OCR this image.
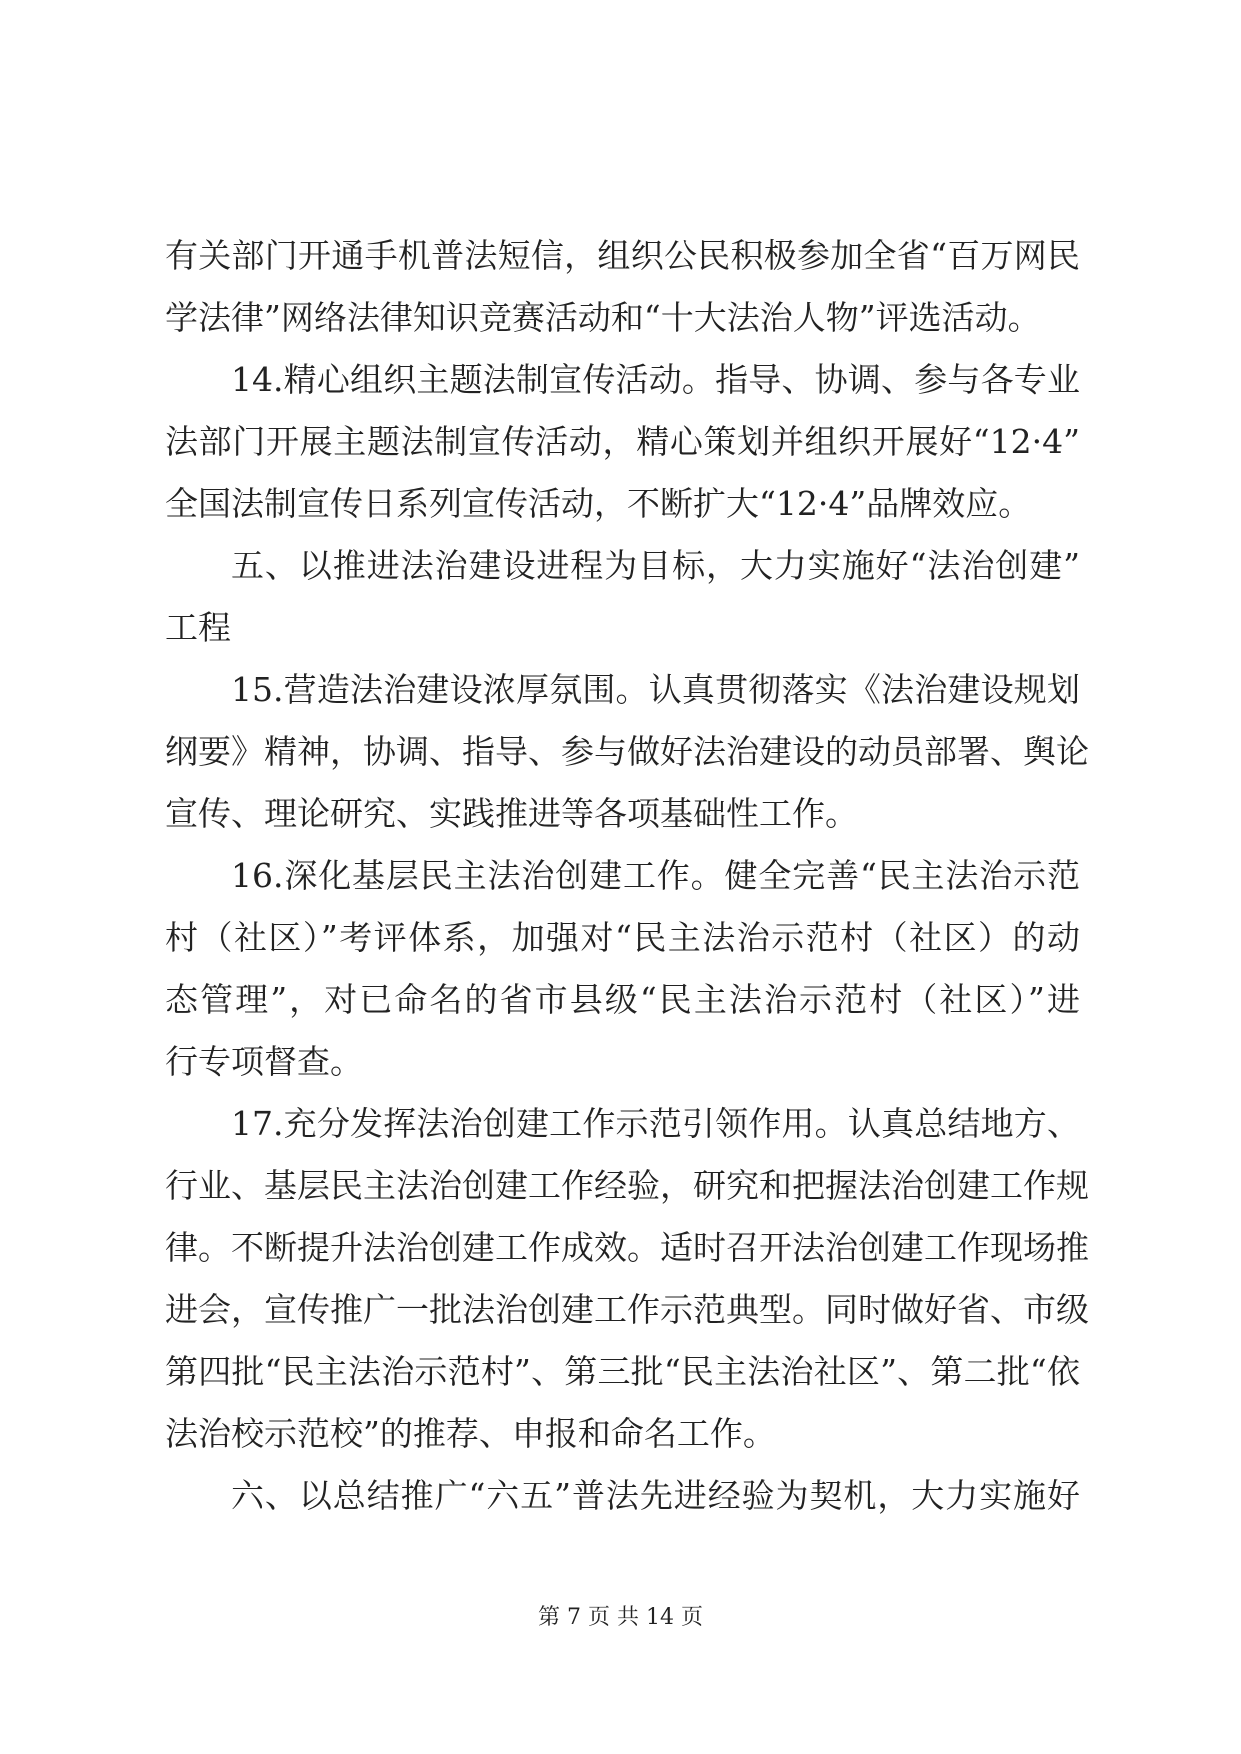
有关部门开通手机普法短信，组织公民积极参加全省“百万网民
学法律”网络法律知识竞赛活动和“十大法治人物”评选活动。
14.精心组织主题法制宣传活动。指导、协调、参与各专业
法部门开展主题法制宣传活动，精心策划并组织开展好“12·4”
全国法制宣传日系列宣传活动，不断扩大“12·4”品牌效应。
五、以推进法治建设进程为目标，大力实施好“法治创建”
工程
15.营造法治建设浓厚氛围。认真贯彻落实《法治建设规划
纲要》精神，协调、指导、参与做好法治建设的动员部署、舆论
宣传、理论研究、实践推进等各项基础性工作。
16.深化基层民主法治创建工作。健全完善“民主法治示范
村（社区）”考评体系，加强对“民主法治示范村（社区）的动
态管理”，对已命名的省市县级“民主法治示范村（社区）”进
行专项督查。
17.充分发挥法治创建工作示范引领作用。认真总结地方、
行业、基层民主法治创建工作经验，研究和把握法治创建工作规
律。不断提升法治创建工作成效。适时召开法治创建工作现场推
进会，宣传推广一批法治创建工作示范典型。同时做好省、市级
第四批“民主法治示范村”、第三批“民主法治社区”、第二批“依
法治校示范校”的推荐、申报和命名工作。
六、以总结推广“六五”普法先进经验为契机，大力实施好
第 7 页 共 14 页
